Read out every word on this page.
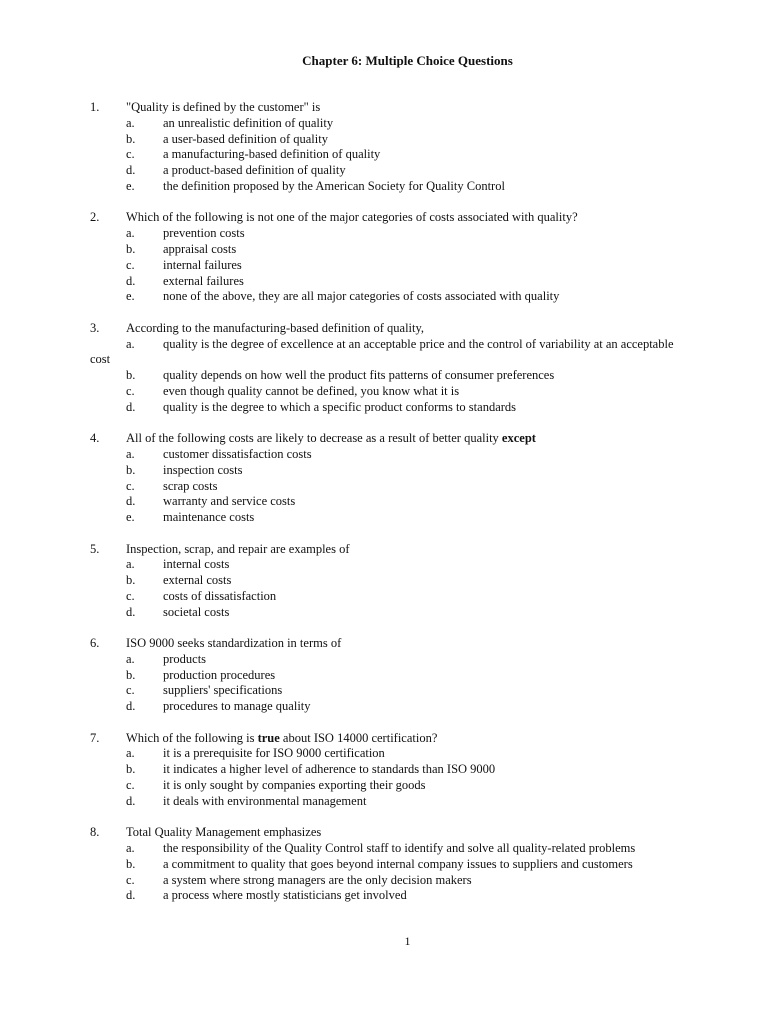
Chapter 6: Multiple Choice Questions
1. "Quality is defined by the customer" is
a. an unrealistic definition of quality
b. a user-based definition of quality
c. a manufacturing-based definition of quality
d. a product-based definition of quality
e. the definition proposed by the American Society for Quality Control
2. Which of the following is not one of the major categories of costs associated with quality?
a. prevention costs
b. appraisal costs
c. internal failures
d. external failures
e. none of the above, they are all major categories of costs associated with quality
3. According to the manufacturing-based definition of quality,
a.	quality is the degree of excellence at an acceptable price and the control of variability at an acceptable cost
b. quality depends on how well the product fits patterns of consumer preferences
c. even though quality cannot be defined, you know what it is
d. quality is the degree to which a specific product conforms to standards
4. All of the following costs are likely to decrease as a result of better quality except
a. customer dissatisfaction costs
b. inspection costs
c. scrap costs
d. warranty and service costs
e. maintenance costs
5. Inspection, scrap, and repair are examples of
a. internal costs
b. external costs
c. costs of dissatisfaction
d. societal costs
6. ISO 9000 seeks standardization in terms of
a. products
b. production procedures
c. suppliers' specifications
d. procedures to manage quality
7. Which of the following is true about ISO 14000 certification?
a. it is a prerequisite for ISO 9000 certification
b. it indicates a higher level of adherence to standards than ISO 9000
c. it is only sought by companies exporting their goods
d. it deals with environmental management
8. Total Quality Management emphasizes
a. the responsibility of the Quality Control staff to identify and solve all quality-related problems
b. a commitment to quality that goes beyond internal company issues to suppliers and customers
c. a system where strong managers are the only decision makers
d. a process where mostly statisticians get involved
1
